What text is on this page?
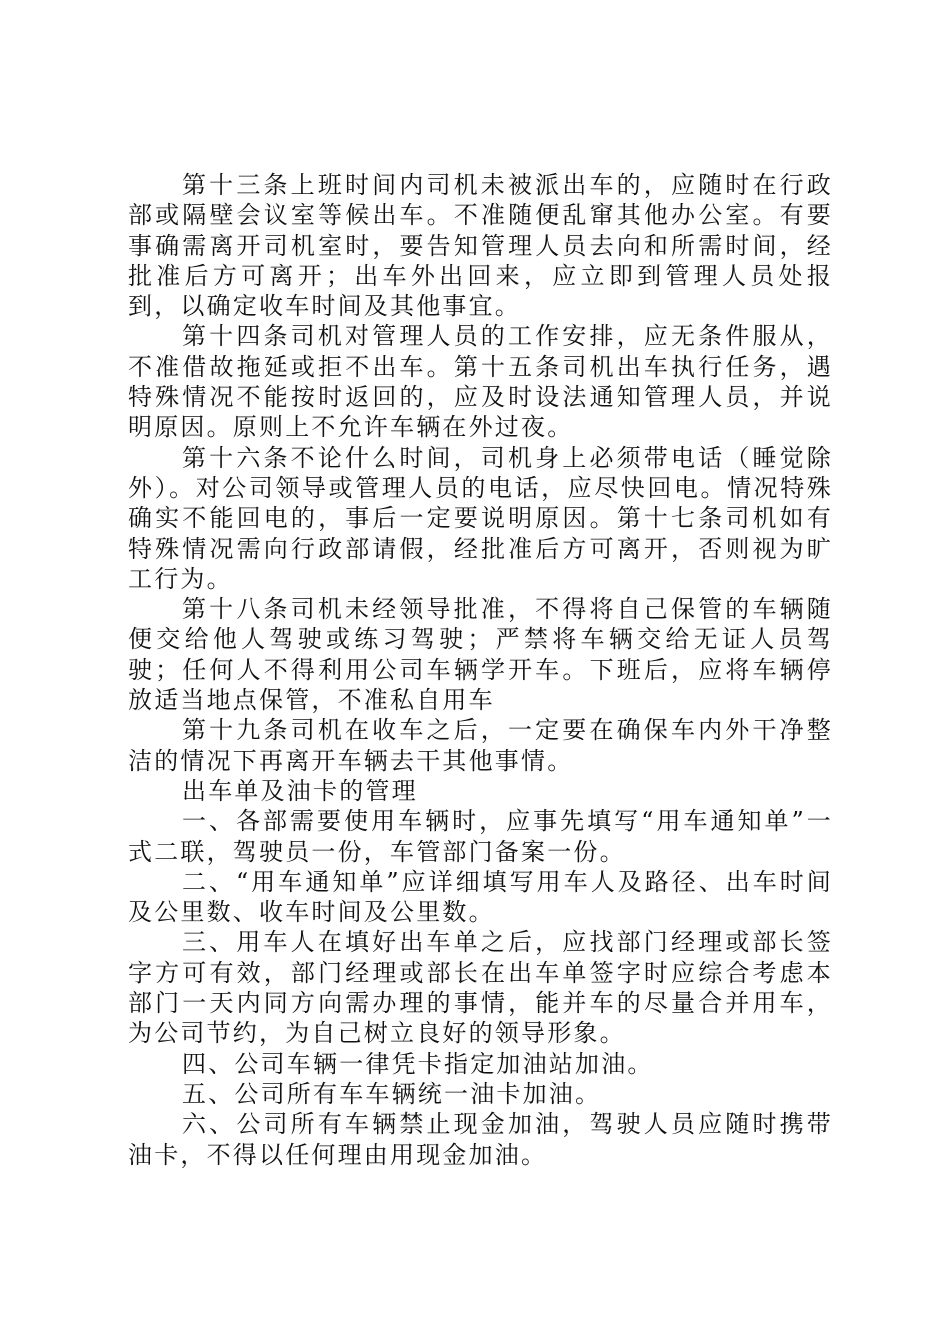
第十三条上班时间内司机未被派出车的，应随时在行政部或隔壁会议室等候出车。不准随便乱窜其他办公室。有要事确需离开司机室时，要告知管理人员去向和所需时间，经批准后方可离开；出车外出回来，应立即到管理人员处报到，以确定收车时间及其他事宜。

第十四条司机对管理人员的工作安排，应无条件服从，不准借故拖延或拒不出车。第十五条司机出车执行任务，遇特殊情况不能按时返回的，应及时设法通知管理人员，并说明原因。原则上不允许车辆在外过夜。

第十六条不论什么时间，司机身上必须带电话（睡觉除外）。对公司领导或管理人员的电话，应尽快回电。情况特殊确实不能回电的，事后一定要说明原因。第十七条司机如有特殊情况需向行政部请假，经批准后方可离开，否则视为旷工行为。

第十八条司机未经领导批准，不得将自己保管的车辆随便交给他人驾驶或练习驾驶；严禁将车辆交给无证人员驾驶；任何人不得利用公司车辆学开车。下班后，应将车辆停放适当地点保管，不准私自用车

第十九条司机在收车之后，一定要在确保车内外干净整洁的情况下再离开车辆去干其他事情。

出车单及油卡的管理

一、各部需要使用车辆时，应事先填写“用车通知单”一式二联，驾驶员一份，车管部门备案一份。

二、“用车通知单”应详细填写用车人及路径、出车时间及公里数、收车时间及公里数。

三、用车人在填好出车单之后，应找部门经理或部长签字方可有效，部门经理或部长在出车单签字时应综合考虑本部门一天内同方向需办理的事情，能并车的尽量合并用车，为公司节约，为自己树立良好的领导形象。

四、公司车辆一律凭卡指定加油站加油。

五、公司所有车车辆统一油卡加油。

六、公司所有车辆禁止现金加油，驾驶人员应随时携带油卡，不得以任何理由用现金加油。
